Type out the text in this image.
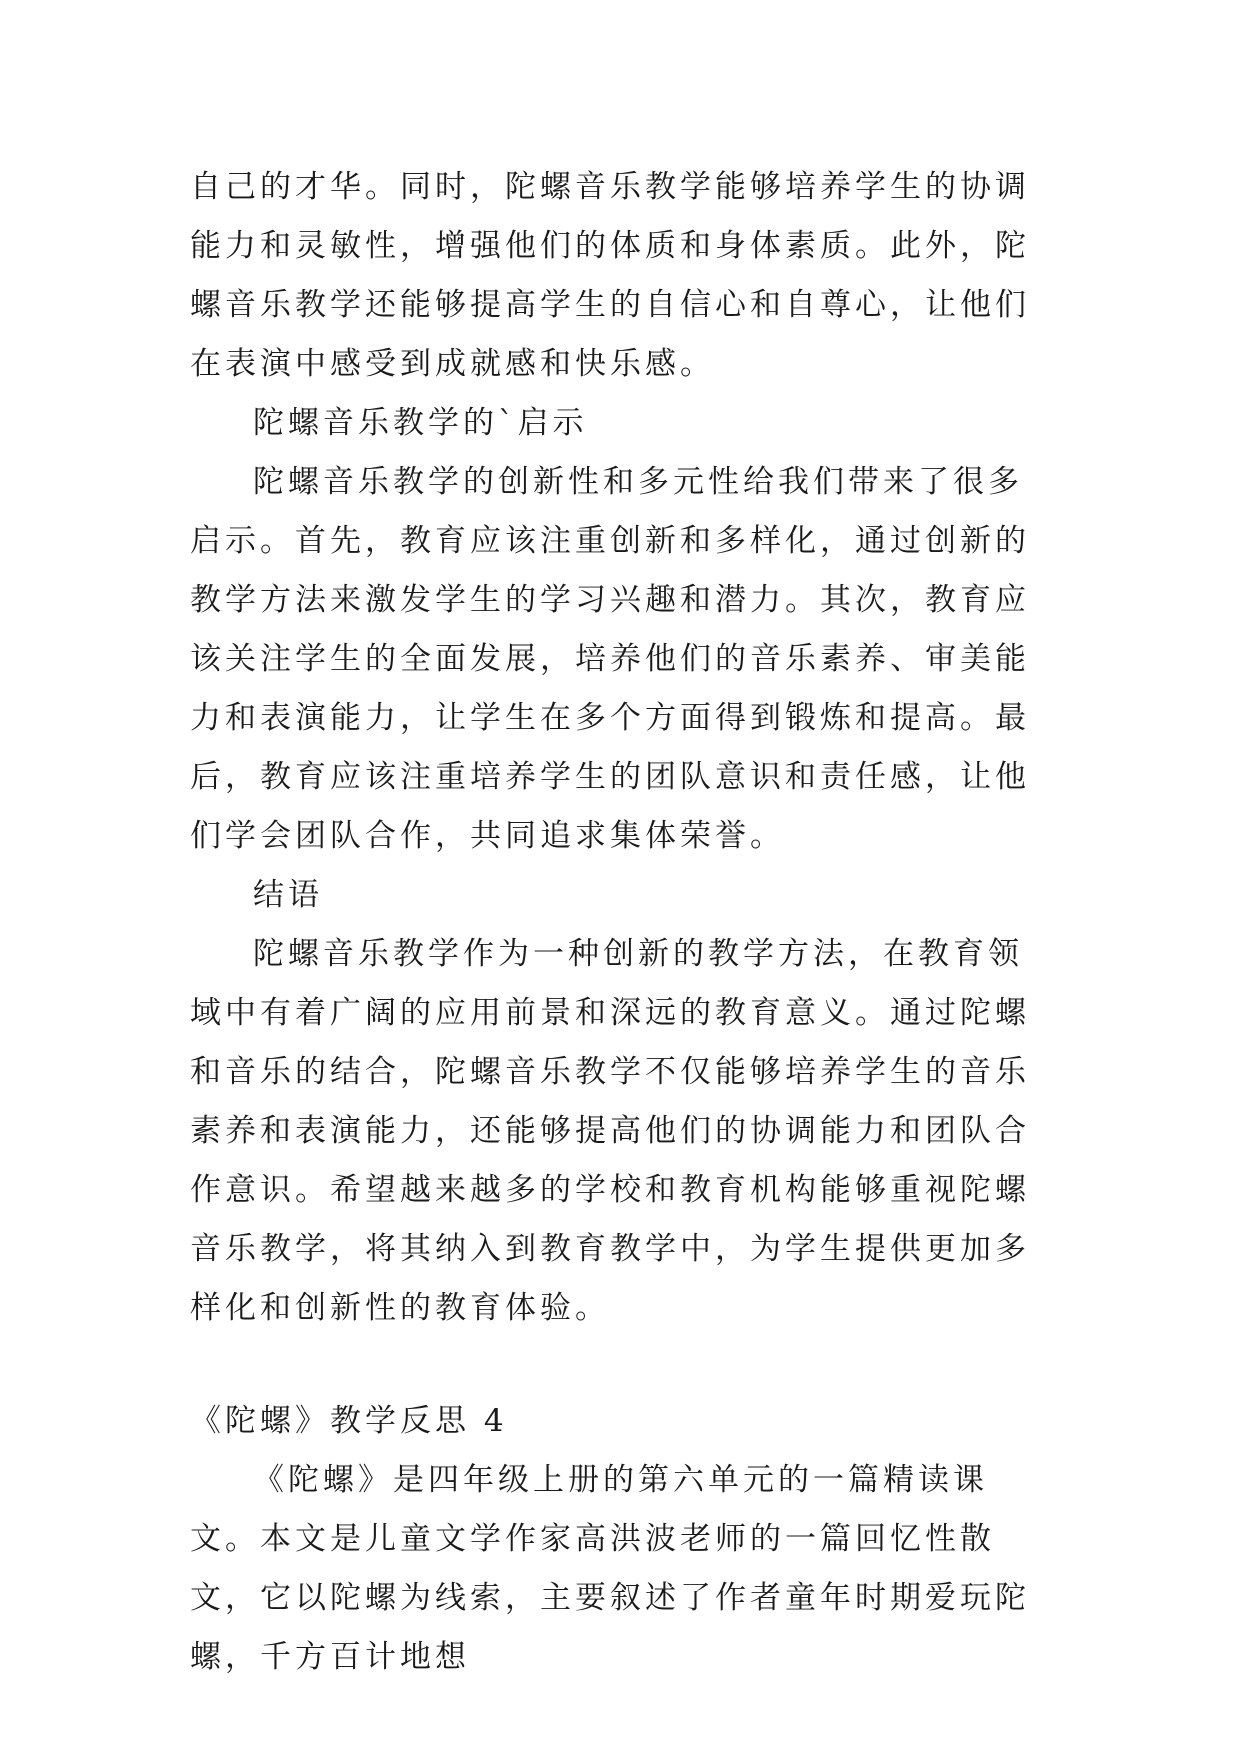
自己的才华。同时，陀螺音乐教学能够培养学生的协调能力和灵敏性，增强他们的体质和身体素质。此外，陀螺音乐教学还能够提高学生的自信心和自尊心，让他们在表演中感受到成就感和快乐感。

陀螺音乐教学的`启示

陀螺音乐教学的创新性和多元性给我们带来了很多启示。首先，教育应该注重创新和多样化，通过创新的教学方法来激发学生的学习兴趣和潜力。其次，教育应该关注学生的全面发展，培养他们的音乐素养、审美能力和表演能力，让学生在多个方面得到锻炼和提高。最后，教育应该注重培养学生的团队意识和责任感，让他们学会团队合作，共同追求集体荣誉。

结语

陀螺音乐教学作为一种创新的教学方法，在教育领域中有着广阔的应用前景和深远的教育意义。通过陀螺和音乐的结合，陀螺音乐教学不仅能够培养学生的音乐素养和表演能力，还能够提高他们的协调能力和团队合作意识。希望越来越多的学校和教育机构能够重视陀螺音乐教学，将其纳入到教育教学中，为学生提供更加多样化和创新性的教育体验。

《陀螺》教学反思 4

《陀螺》是四年级上册的第六单元的一篇精读课文。本文是儿童文学作家高洪波老师的一篇回忆性散文，它以陀螺为线索，主要叙述了作者童年时期爱玩陀螺，千方百计地想
